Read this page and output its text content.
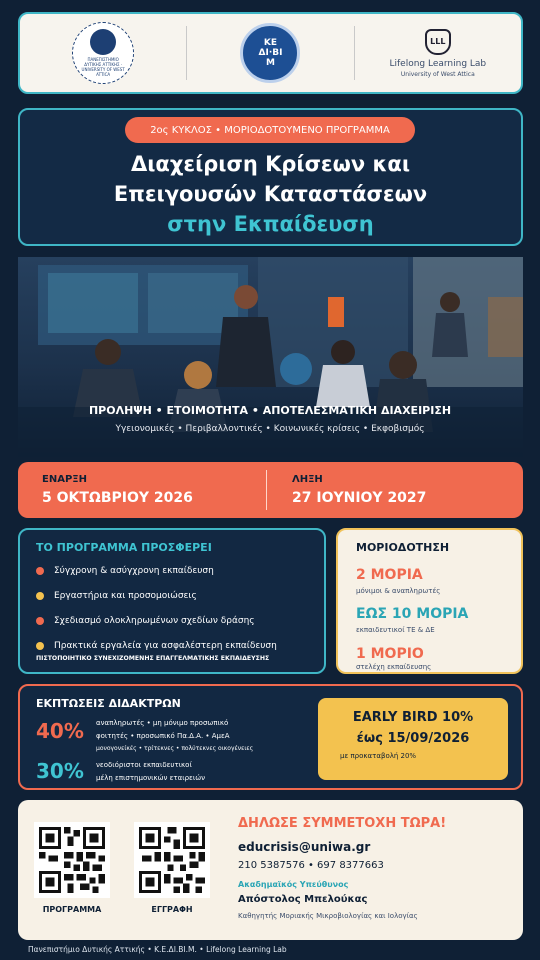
ΠΑΝΕΠΙΣΤΗΜΙΟ ΔΥΤΙΚΗΣ ΑΤΤΙΚΗΣ · UNIVERSITY OF WEST ATTICA
ΚΕ
ΔΙ·ΒΙ
Μ
LLL
Lifelong Learning Lab
University of West Attica
2ος ΚΥΚΛΟΣ • ΜΟΡΙΟΔΟΤΟΥΜΕΝΟ ΠΡΟΓΡΑΜΜΑ
Διαχείριση Κρίσεων και
Επειγουσών Καταστάσεων
στην Εκπαίδευση
ΠΡΟΛΗΨΗ • ΕΤΟΙΜΟΤΗΤΑ • ΑΠΟΤΕΛΕΣΜΑΤΙΚΗ ΔΙΑΧΕΙΡΙΣΗ
Υγειονομικές • Περιβαλλοντικές • Κοινωνικές κρίσεις • Εκφοβισμός
ΕΝΑΡΞΗ
5 ΟΚΤΩΒΡΙΟΥ 2026
ΛΗΞΗ
27 ΙΟΥΝΙΟΥ 2027
ΤΟ ΠΡΟΓΡΑΜΜΑ ΠΡΟΣΦΕΡΕΙ
Σύγχρονη & ασύγχρονη εκπαίδευση
Εργαστήρια και προσομοιώσεις
Σχεδιασμό ολοκληρωμένων σχεδίων δράσης
Πρακτικά εργαλεία για ασφαλέστερη εκπαίδευση
ΠΙΣΤΟΠΟΙΗΤΙΚΟ ΣΥΝΕΧΙΖΟΜΕΝΗΣ ΕΠΑΓΓΕΛΜΑΤΙΚΗΣ ΕΚΠΑΙΔΕΥΣΗΣ
ΜΟΡΙΟΔΟΤΗΣΗ
2 ΜΟΡΙΑ
μόνιμοι & αναπληρωτές
ΕΩΣ 10 ΜΟΡΙΑ
εκπαιδευτικοί ΤΕ & ΔΕ
1 ΜΟΡΙΟ
στελέχη εκπαίδευσης
ΕΚΠΤΩΣΕΙΣ ΔΙΔΑΚΤΡΩΝ
40% αναπληρωτές • μη μόνιμο προσωπικό
φοιτητές • προσωπικό Πα.Δ.Α. • ΑμεΑ
μονογονείκές • τρίτεκνες • πολύτεκνες οικογένειες
30% νεοδιόριστοι εκπαιδευτικοί
μέλη επιστημονικών εταιρειών
EARLY BIRD 10%
έως 15/09/2026
με προκαταβολή 20%
ΠΡΟΓΡΑΜΜΑ	ΕΓΓΡΑΦΗ
ΔΗΛΩΣΕ ΣΥΜΜΕΤΟΧΗ ΤΩΡΑ!
educrisis@uniwa.gr
210 5387576 • 697 8377663
Ακαδημαϊκός Υπεύθυνος
Απόστολος Μπελούκας
Καθηγητής Μοριακής Μικροβιολογίας και Ιολογίας
Πανεπιστήμιο Δυτικής Αττικής • Κ.Ε.ΔΙ.ΒΙ.Μ. • Lifelong Learning Lab
